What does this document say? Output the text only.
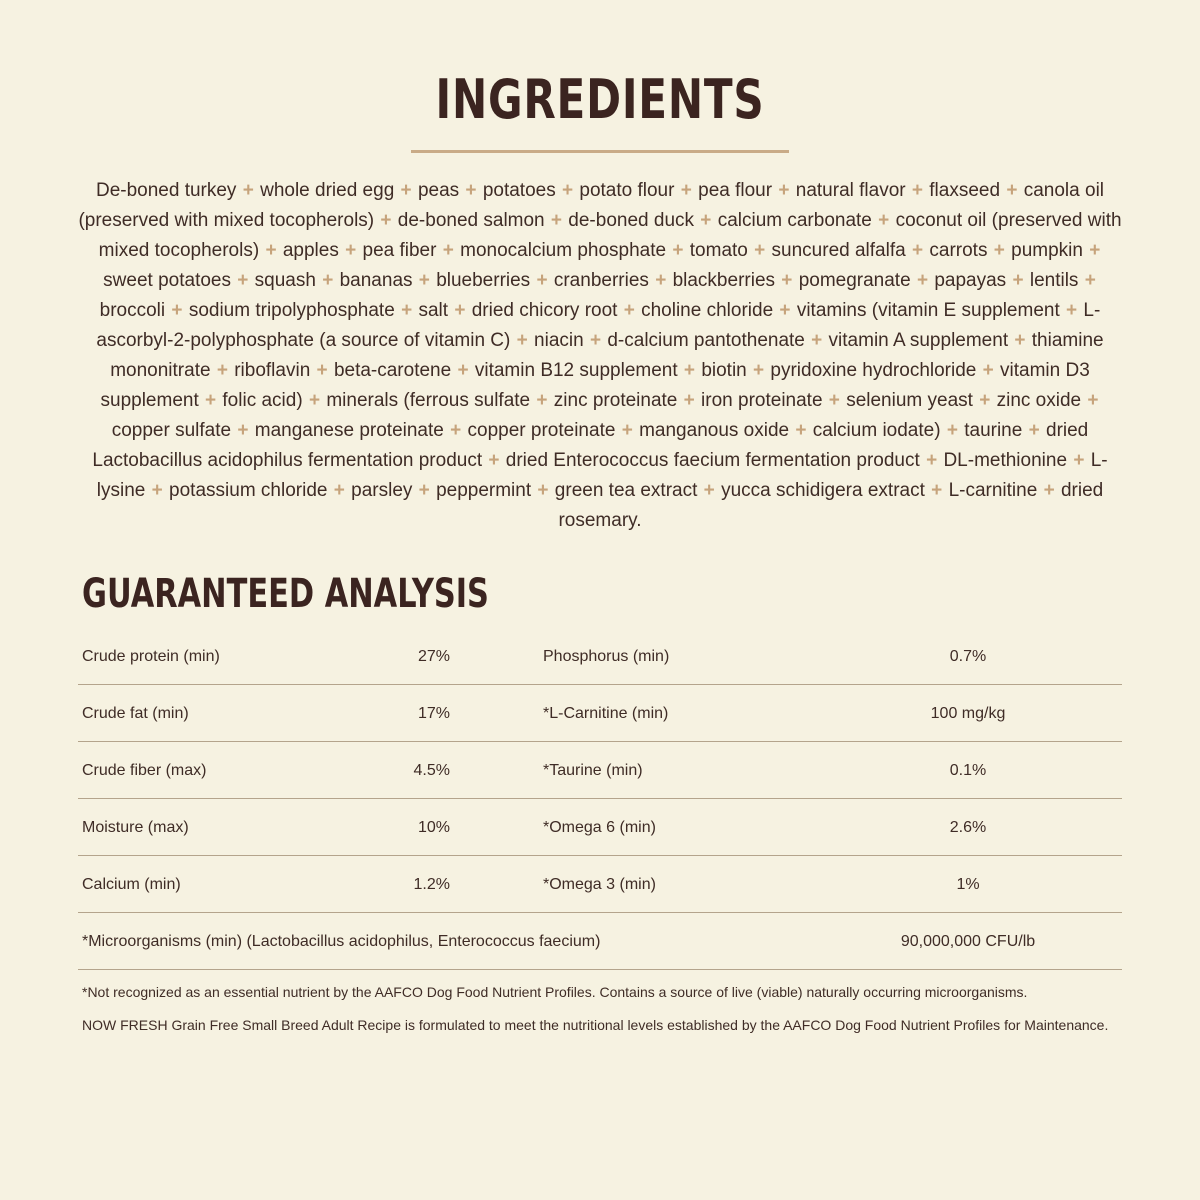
INGREDIENTS
De-boned turkey + whole dried egg + peas + potatoes + potato flour + pea flour + natural flavor + flaxseed + canola oil (preserved with mixed tocopherols) + de-boned salmon + de-boned duck + calcium carbonate + coconut oil (preserved with mixed tocopherols) + apples + pea fiber + monocalcium phosphate + tomato + suncured alfalfa + carrots + pumpkin + sweet potatoes + squash + bananas + blueberries + cranberries + blackberries + pomegranate + papayas + lentils + broccoli + sodium tripolyphosphate + salt + dried chicory root + choline chloride + vitamins (vitamin E supplement + L-ascorbyl-2-polyphosphate (a source of vitamin C) + niacin + d-calcium pantothenate + vitamin A supplement + thiamine mononitrate + riboflavin + beta-carotene + vitamin B12 supplement + biotin + pyridoxine hydrochloride + vitamin D3 supplement + folic acid) + minerals (ferrous sulfate + zinc proteinate + iron proteinate + selenium yeast + zinc oxide + copper sulfate + manganese proteinate + copper proteinate + manganous oxide + calcium iodate) + taurine + dried Lactobacillus acidophilus fermentation product + dried Enterococcus faecium fermentation product + DL-methionine + L-lysine + potassium chloride + parsley + peppermint + green tea extract + yucca schidigera extract + L-carnitine + dried rosemary.
GUARANTEED ANALYSIS
Crude protein (min)	27%	Phosphorus (min)	0.7%
Crude fat (min)	17%	*L-Carnitine (min)	100 mg/kg
Crude fiber (max)	4.5%	*Taurine (min)	0.1%
Moisture (max)	10%	*Omega 6 (min)	2.6%
Calcium (min)	1.2%	*Omega 3 (min)	1%
*Microorganisms (min) (Lactobacillus acidophilus, Enterococcus faecium)	90,000,000 CFU/lb

*Not recognized as an essential nutrient by the AAFCO Dog Food Nutrient Profiles. Contains a source of live (viable) naturally occurring microorganisms.

NOW FRESH Grain Free Small Breed Adult Recipe is formulated to meet the nutritional levels established by the AAFCO Dog Food Nutrient Profiles for Maintenance.
